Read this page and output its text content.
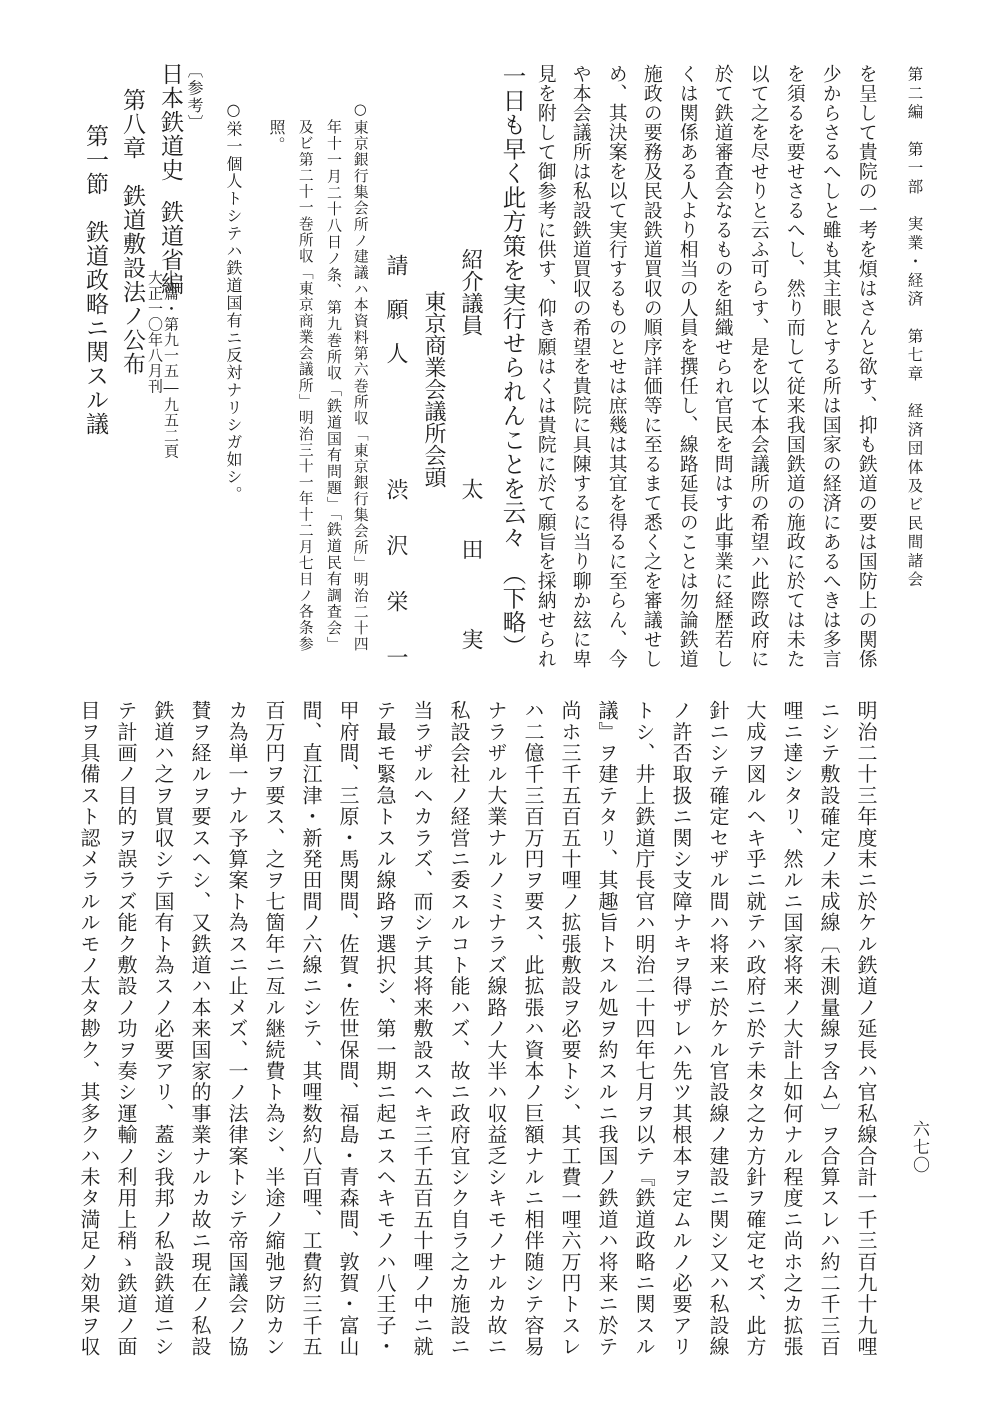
第二編　第一部　実業・経済　第七章　経済団体及ビ民間諸会
を呈して貴院の一考を煩はさんと欲す、抑も鉄道の要は国防上の関係
少からさるへしと雖も其主眼とする所は国家の経済にあるへきは多言
を須るを要せさるへし、然り而して従来我国鉄道の施政に於ては未た
以て之を尽せりと云ふ可らす、是を以て本会議所の希望ハ此際政府に
於て鉄道審査会なるものを組織せられ官民を問はす此事業に経歴若し
くは関係ある人より相当の人員を撰任し、線路延長のことは勿論鉄道
施政の要務及民設鉄道買収の順序詳価等に至るまて悉く之を審議せし
め、其決案を以て実行するものとせは庶幾は其宜を得るに至らん、今
や本会議所は私設鉄道買収の希望を貴院に具陳するに当り聊か玆に卑
見を附して御参考に供す、仰き願はくは貴院に於て願旨を採納せられ
一日も早く此方策を実行せられんことを云々　（下略）
紹介議員
太　田　　実
東京商業会議所会頭
請　願　人
渋　沢　栄　一
○東京銀行集会所ノ建議ハ本資料第六巻所収「東京銀行集会所」明治二十四
年十一月二十八日ノ条、第九巻所収「鉄道国有問題」「鉄道民有調査会」
及ビ第二十一巻所収「東京商業会議所」明治三十一年十二月七日ノ各条参
照。
○栄一個人トシテハ鉄道国有ニ反対ナリシガ如シ。
〔参考〕
日本鉄道史
鉄道省編
上篇・第九一五―九五二頁
大正一〇年八月刊
第八章　鉄道敷設法ノ公布
第一節　鉄道政略ニ関スル議
明治二十三年度末ニ於ケル鉄道ノ延長ハ官私線合計一千三百九十九哩
ニシテ敷設確定ノ未成線〔未測量線ヲ含ム〕ヲ合算スレハ約二千三百
哩ニ達シタリ、然ルニ国家将来ノ大計上如何ナル程度ニ尚ホ之カ拡張
大成ヲ図ルヘキ乎ニ就テハ政府ニ於テ未タ之カ方針ヲ確定セズ、此方
針ニシテ確定セザル間ハ将来ニ於ケル官設線ノ建設ニ関シ又ハ私設線
ノ許否取扱ニ関シ支障ナキヲ得ザレハ先ツ其根本ヲ定ムルノ必要アリ
トシ、井上鉄道庁長官ハ明治二十四年七月ヲ以テ『鉄道政略ニ関スル
議』ヲ建テタリ、其趣旨トスル処ヲ約スルニ我国ノ鉄道ハ将来ニ於テ
尚ホ三千五百五十哩ノ拡張敷設ヲ必要トシ、其工費一哩六万円トスレ
ハ二億千三百万円ヲ要ス、此拡張ハ資本ノ巨額ナルニ相伴随シテ容易
ナラザル大業ナルノミナラズ線路ノ大半ハ収益乏シキモノナルカ故ニ
私設会社ノ経営ニ委スルコト能ハズ、故ニ政府宜シク自ラ之カ施設ニ
当ラザルヘカラズ、而シテ其将来敷設スヘキ三千五百五十哩ノ中ニ就
テ最モ緊急トスル線路ヲ選択シ、第一期ニ起エスヘキモノハ八王子・
甲府間、三原・馬関間、佐賀・佐世保間、福島・青森間、敦賀・富山
間、直江津・新発田間ノ六線ニシテ、其哩数約八百哩、工費約三千五
百万円ヲ要ス、之ヲ七箇年ニ亙ル継続費ト為シ、半途ノ縮弛ヲ防カン
カ為単一ナル予算案ト為スニ止メズ、一ノ法律案トシテ帝国議会ノ協
賛ヲ経ルヲ要スヘシ、又鉄道ハ本来国家的事業ナルカ故ニ現在ノ私設
鉄道ハ之ヲ買収シテ国有ト為スノ必要アリ、蓋シ我邦ノ私設鉄道ニシ
テ計画ノ目的ヲ誤ラズ能ク敷設ノ功ヲ奏シ運輸ノ利用上稍ゝ鉄道ノ面
目ヲ具備スト認メラルルモノ太タ尠ク、其多クハ未タ満足ノ効果ヲ収	六七〇
